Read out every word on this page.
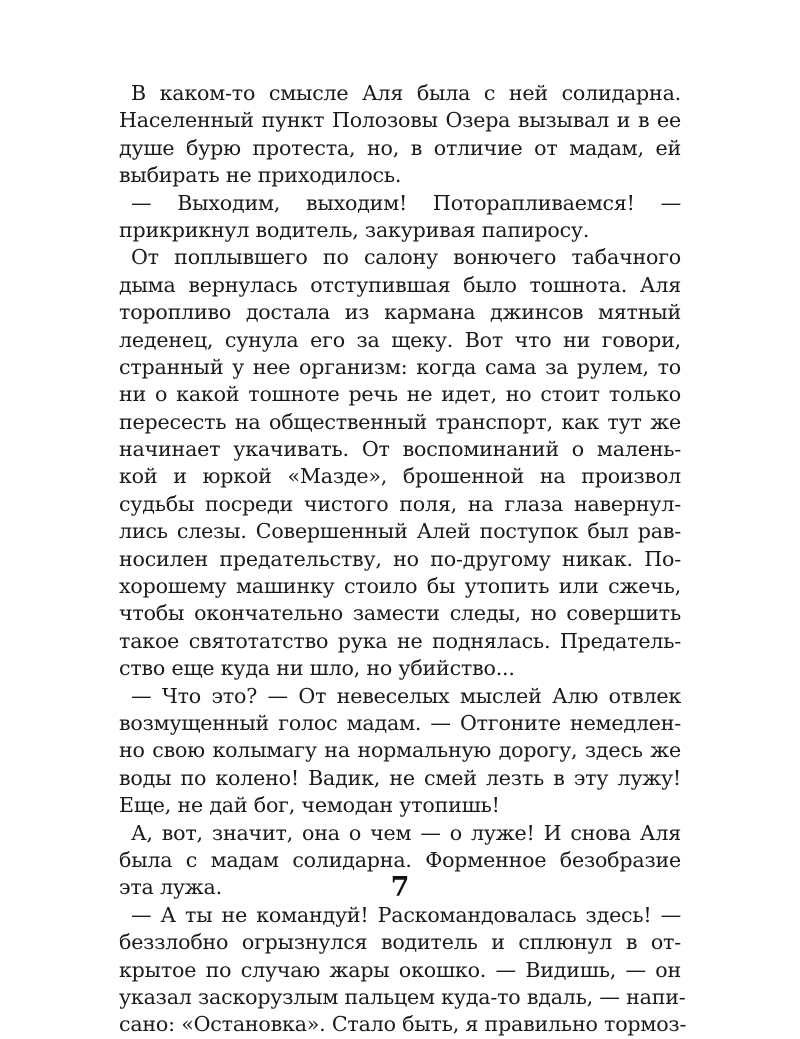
В каком-то смысле Аля была с ней солидарна.
Населенный пункт Полозовы Озера вызывал и в ее
душе бурю протеста, но, в отличие от мадам, ей
выбирать не приходилось.
— Выходим, выходим! Поторапливаемся! —
прикрикнул водитель, закуривая папиросу.
От поплывшего по салону вонючего табачного
дыма вернулась отступившая было тошнота. Аля
торопливо достала из кармана джинсов мятный
леденец, сунула его за щеку. Вот что ни говори,
странный у нее организм: когда сама за рулем, то
ни о какой тошноте речь не идет, но стоит только
пересесть на общественный транспорт, как тут же
начинает укачивать. От воспоминаний о малень-
кой и юркой «Мазде», брошенной на произвол
судьбы посреди чистого поля, на глаза навернул-
лись слезы. Совершенный Алей поступок был рав-
носилен предательству, но по-другому никак. По-
хорошему машинку стоило бы утопить или сжечь,
чтобы окончательно замести следы, но совершить
такое святотатство рука не поднялась. Предатель-
ство еще куда ни шло, но убийство...
— Что это? — От невеселых мыслей Алю отвлек
возмущенный голос мадам. — Отгоните немедлен-
но свою колымагу на нормальную дорогу, здесь же
воды по колено! Вадик, не смей лезть в эту лужу!
Еще, не дай бог, чемодан утопишь!
А, вот, значит, она о чем — о луже! И снова Аля
была с мадам солидарна. Форменное безобразие
эта лужа.
— А ты не командуй! Раскомандовалась здесь! —
беззлобно огрызнулся водитель и сплюнул в от-
крытое по случаю жары окошко. — Видишь, — он
указал заскорузлым пальцем куда-то вдаль, — напи-
сано: «Остановка». Стало быть, я правильно тормоз-
7
